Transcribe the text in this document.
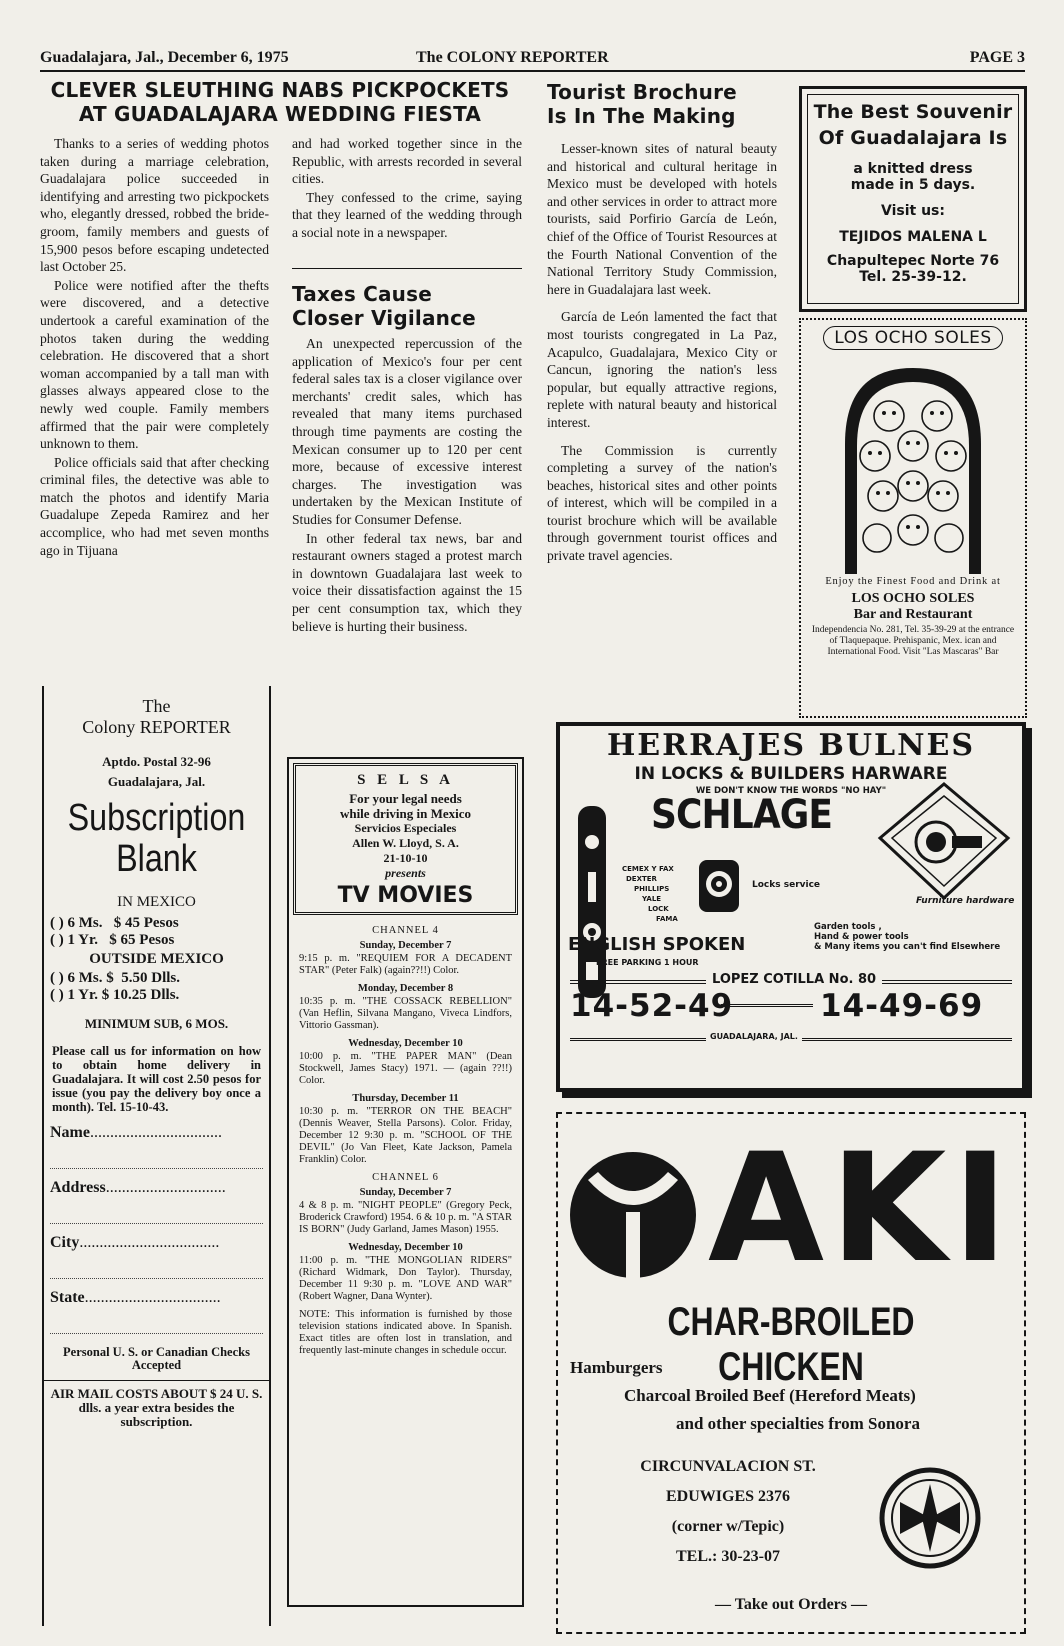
Guadalajara, Jal., December 6, 1975	The COLONY REPORTER	PAGE 3

CLEVER SLEUTHING NABS PICKPOCKETS

AT GUADALAJARA WEDDING FIESTA

Thanks to a series of wedding photos taken during a marriage celebration, Guadalajara police succeeded in identifying and arresting two pickpockets who, elegantly dressed, robbed the bride-groom, family members and guests of 15,900 pesos before escaping undetected last October 25.

Police were notified after the thefts were discovered, and a detective undertook a careful examination of the photos taken during the wedding celebration. He discovered that a short woman accompanied by a tall man with glasses always appeared close to the newly wed couple. Family members affirmed that the pair were completely unknown to them.

Police officials said that after checking criminal files, the detective was able to match the photos and identify Maria Guadalupe Zepeda Ramirez and her accomplice, who had met seven months ago in Tijuana

and had worked together since in the Republic, with arrests recorded in several cities.

They confessed to the crime, saying that they learned of the wedding through a social note in a newspaper.

Taxes Cause

Closer Vigilance

An unexpected repercussion of the application of Mexico's four per cent federal sales tax is a closer vigilance over merchants' credit sales, which has revealed that many items purchased through time payments are costing the Mexican consumer up to 120 per cent more, because of excessive interest charges. The investigation was undertaken by the Mexican Institute of Studies for Consumer Defense.

In other federal tax news, bar and restaurant owners staged a protest march in downtown Guadalajara last week to voice their dissatisfaction against the 15 per cent consumption tax, which they believe is hurting their business.

Tourist Brochure

Is In The Making

Lesser-known sites of natural beauty and historical and cultural heritage in Mexico must be developed with hotels and other services in order to attract more tourists, said Porfirio García de León, chief of the Office of Tourist Resources at the Fourth National Convention of the National Territory Study Commission, here in Guadalajara last week.

García de León lamented the fact that most tourists congregated in La Paz, Acapulco, Guadalajara, Mexico City or Cancun, ignoring the nation's less popular, but equally attractive regions, replete with natural beauty and historical interest.

The Commission is currently completing a survey of the nation's beaches, historical sites and other points of interest, which will be compiled in a tourist brochure which will be available through government tourist offices and private travel agencies.

The Best Souvenir

Of Guadalajara Is

a knitted dress

made in 5 days.

Visit us:

TEJIDOS MALENA L

Chapultepec Norte 76

Tel. 25-39-12.

LOS OCHO SOLES

Enjoy the Finest Food and Drink at

LOS OCHO SOLES

Bar and Restaurant

Independencia No. 281, Tel. 35-39-29 at the entrance of Tlaquepaque. Prehispanic, Mex. ican and International Food. Visit "Las Mascaras" Bar

The

Colony REPORTER

Aptdo. Postal 32-96

Guadalajara, Jal.

Subscription

Blank

IN MEXICO

( ) 6 Ms.   $ 45 Pesos

( ) 1 Yr.   $ 65 Pesos

OUTSIDE MEXICO

( ) 6 Ms. $  5.50 Dlls.

( ) 1 Yr. $ 10.25 Dlls.

MINIMUM SUB, 6 MOS.

Please call us for information on how to obtain home delivery in Guadalajara. It will cost 2.50 pesos for issue (you pay the delivery boy once a month). Tel. 15-10-43.

Name.................................
Address..............................
City...................................
State..................................

Personal U. S. or Canadian Checks Accepted

AIR MAIL COSTS ABOUT $ 24 U. S. dlls. a year extra besides the subscription.

S E L S A

For your legal needs

while driving in Mexico

Servicios Especiales

Allen W. Lloyd, S. A.

21-10-10

presents

TV MOVIES

CHANNEL 4

Sunday, December 7

9:15 p. m. "REQUIEM FOR A DECADENT STAR" (Peter Falk) (again??!!) Color.

Monday, December 8

10:35 p. m. "THE COSSACK REBELLION" (Van Heflin, Silvana Mangano, Viveca Lindfors, Vittorio Gassman).

Wednesday, December 10

10:00 p. m. "THE PAPER MAN" (Dean Stockwell, James Stacy) 1971. — (again ??!!) Color.

Thursday, December 11

10:30 p. m. "TERROR ON THE BEACH" (Dennis Weaver, Stella Parsons). Color. Friday, December 12 9:30 p. m. "SCHOOL OF THE DEVIL" (Jo Van Fleet, Kate Jackson, Pamela Franklin) Color.

CHANNEL 6

Sunday, December 7

4 & 8 p. m. "NIGHT PEOPLE" (Gregory Peck, Broderick Crawford) 1954. 6 & 10 p. m. "A STAR IS BORN" (Judy Garland, James Mason) 1955.

Wednesday, December 10

11:00 p. m. "THE MONGOLIAN RIDERS" (Richard Widmark, Don Taylor). Thursday, December 11 9:30 p. m. "LOVE AND WAR" (Robert Wagner, Dana Wynter).

NOTE: This information is furnished by those television stations indicated above. In Spanish. Exact titles are often lost in translation, and frequently last-minute changes in schedule occur.

HERRAJES BULNES

IN LOCKS & BUILDERS HARWARE

WE DON'T KNOW THE WORDS "NO HAY"

SCHLAGE

CEMEX Y FAX
DEXTER
PHILLIPS
YALE
LOCK
FAMA

Locks service

Furniture hardware

ENGLISH SPOKEN

FREE PARKING 1 HOUR

Garden tools ,
Hand & power tools
& Many items you can't find Elsewhere

LOPEZ COTILLA No. 80

14-52-49	14-49-69

GUADALAJARA, JAL.

AKI

CHAR-BROILED CHICKEN

Hamburgers

Charcoal Broiled Beef (Hereford Meats)

and other specialties from Sonora

CIRCUNVALACION ST.
EDUWIGES 2376
(corner w/Tepic)
TEL.: 30-23-07

— Take out Orders —
